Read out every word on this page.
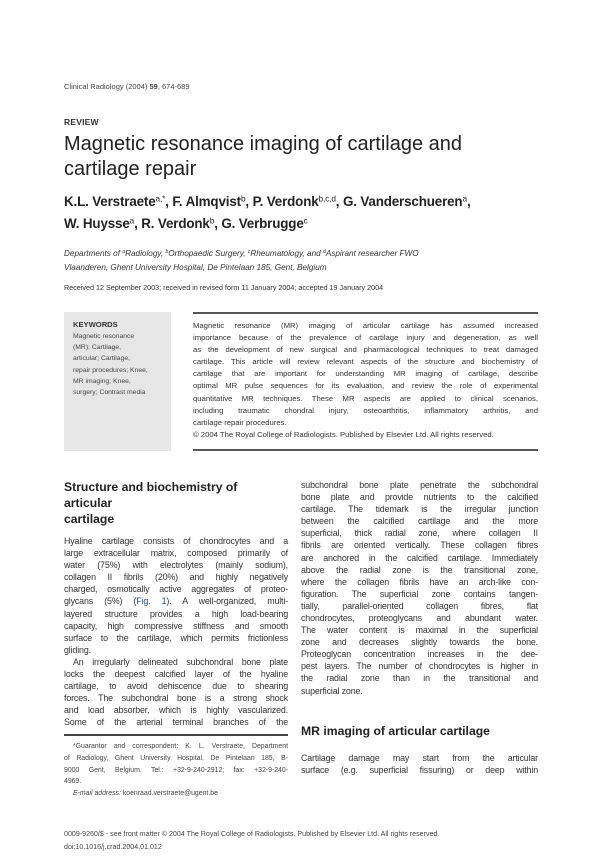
Clinical Radiology (2004) 59, 674-689
REVIEW
Magnetic resonance imaging of cartilage and
cartilage repair
K.L. Verstraete$^{a,*}$, F. Almqvist$^b$, P. Verdonk$^{b,c,d}$, G. Vanderschueren$^a$,
W. Huysse$^a$, R. Verdonk$^b$, G. Verbrugge$^c$
Departments of $^a$Radiology, $^b$Orthopaedic Surgery, $^c$Rheumatology, and $^d$Aspirant researcher FWO
Vlaanderen, Ghent University Hospital, De Pintelaan 185, Gent, Belgium
Received 12 September 2003; received in revised form 11 January 2004; accepted 19 January 2004
KEYWORDS
Magnetic resonance
(MR); Cartilage,
articular; Cartilage,
repair procedures; Knee,
MR imaging; Knee,
surgery; Contrast media
Magnetic resonance (MR) imaging of articular cartilage has assumed increased
importance because of the prevalence of cartilage injury and degeneration, as well
as the development of new surgical and pharmacological techniques to treat damaged
cartilage. This article will review relevant aspects of the structure and biochemistry of
cartilage that are important for understanding MR imaging of cartilage, describe
optimal MR pulse sequences for its evaluation, and review the role of experimental
quantitative MR techniques. These MR aspects are applied to clinical scenarios,
including traumatic chondral injury, osteoarthritis, inflammatory arthritis, and
cartilage repair procedures.
© 2004 The Royal College of Radiologists. Published by Elsevier Ltd. All rights reserved.
Structure and biochemistry of articular
cartilage
Hyaline cartilage consists of chondrocytes and a
large extracellular matrix, composed primarily of
water (75%) with electrolytes (mainly sodium),
collagen II fibrils (20%) and highly negatively
charged, osmotically active aggregates of proteo-
glycans (5%) (Fig. 1). A well-organized, multi-
layered structure provides a high load-bearing
capacity, high compressive stiffness and smooth
surface to the cartilage, which permits frictionless
gliding.
An irregularly delineated subchondral bone plate
locks the deepest calcified layer of the hyaline
cartilage, to avoid dehiscence due to shearing
forces. The subchondral bone is a strong shock
and load absorber, which is highly vascularized.
Some of the arterial terminal branches of the
*Guarantor and correspondent: K. L. Verstraete, Department
of Radiology, Ghent University Hospital, De Pintelaan 185, B-
9000 Gent, Belgium. Tel.: +32-9-240-2912; fax: +32-9-240-
4969.
E-mail address: koenraad.verstraete@ugent.be
subchondral bone plate penetrate the subchondral
bone plate and provide nutrients to the calcified
cartilage. The tidemark is the irregular junction
between the calcified cartilage and the more
superficial, thick radial zone, where collagen II
fibrils are oriented vertically. These collagen fibres
are anchored in the calcified cartilage. Immediately
above the radial zone is the transitional zone,
where the collagen fibrils have an arch-like con-
figuration. The superficial zone contains tangen-
tially, parallel-oriented collagen fibres, flat
chondrocytes, proteoglycans and abundant water.
The water content is maximal in the superficial
zone and decreases slightly towards the bone.
Proteoglycan concentration increases in the dee-
pest layers. The number of chondrocytes is higher in
the radial zone than in the transitional and
superficial zone.
MR imaging of articular cartilage
Cartilage damage may start from the articular
surface (e.g. superficial fissuring) or deep within
0009-9260/$ - see front matter © 2004 The Royal College of Radiologists. Published by Elsevier Ltd. All rights reserved.
doi:10.1016/j.crad.2004.01.012
